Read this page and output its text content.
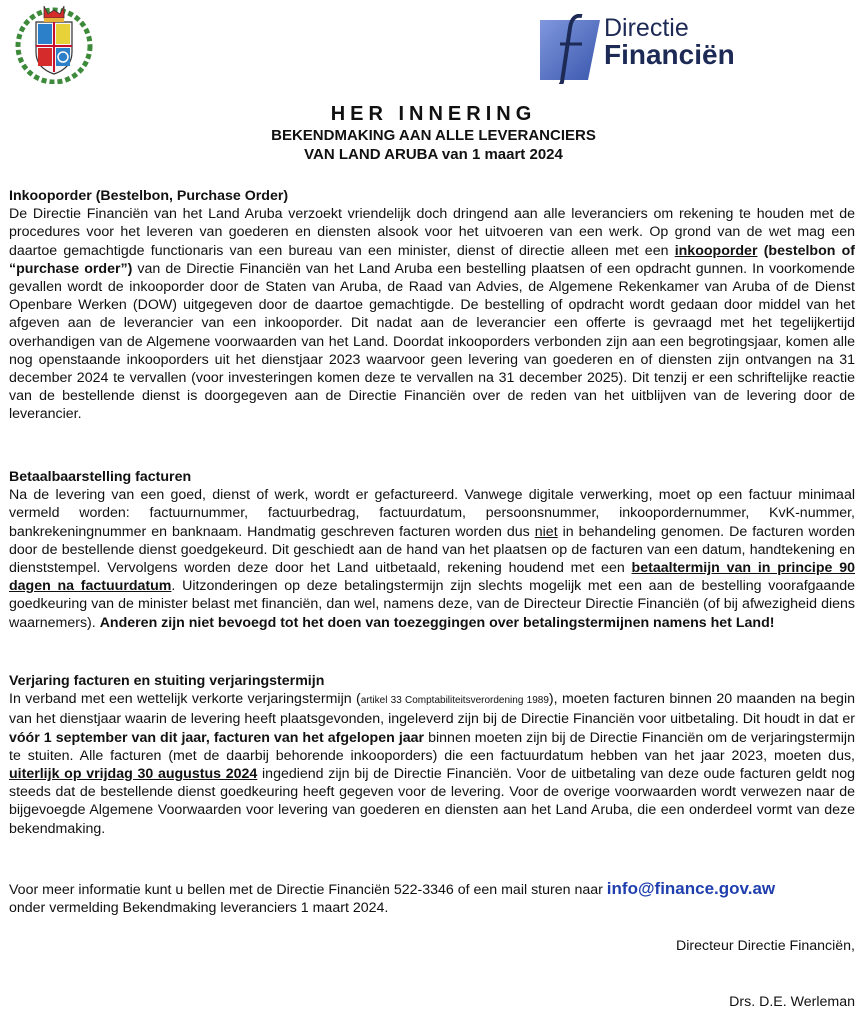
Directie
Financiën
HER INNERING
BEKENDMAKING AAN ALLE LEVERANCIERS
VAN LAND ARUBA van 1 maart 2024

Inkooporder (Bestelbon, Purchase Order)

De Directie Financiën van het Land Aruba verzoekt vriendelijk doch dringend aan alle leveranciers om rekening te houden met de procedures voor het leveren van goederen en diensten alsook voor het uitvoeren van een werk. Op grond van de wet mag een daartoe gemachtigde functionaris van een bureau van een minister, dienst of directie alleen met een inkooporder (bestelbon of “purchase order”) van de Directie Financiën van het Land Aruba een bestelling plaatsen of een opdracht gunnen. In voorkomende gevallen wordt de inkooporder door de Staten van Aruba, de Raad van Advies, de Algemene Rekenkamer van Aruba of de Dienst Openbare Werken (DOW) uitgegeven door de daartoe gemachtigde. De bestelling of opdracht wordt gedaan door middel van het afgeven aan de leverancier van een inkooporder. Dit nadat aan de leverancier een offerte is gevraagd met het tegelijkertijd overhandigen van de Algemene voorwaarden van het Land. Doordat inkooporders verbonden zijn aan een begrotingsjaar, komen alle nog openstaande inkooporders uit het dienstjaar 2023 waarvoor geen levering van goederen en of diensten zijn ontvangen na 31 december 2024 te vervallen (voor investeringen komen deze te vervallen na 31 december 2025). Dit tenzij er een schriftelijke reactie van de bestellende dienst is doorgegeven aan de Directie Financiën over de reden van het uitblijven van de levering door de leverancier.

Betaalbaarstelling facturen

Na de levering van een goed, dienst of werk, wordt er gefactureerd. Vanwege digitale verwerking, moet op een factuur minimaal vermeld worden: factuurnummer, factuurbedrag, factuurdatum, persoonsnummer, inkoopordernummer, KvK-nummer, bankrekeningnummer en banknaam. Handmatig geschreven facturen worden dus niet in behandeling genomen. De facturen worden door de bestellende dienst goedgekeurd. Dit geschiedt aan de hand van het plaatsen op de facturen van een datum, handtekening en dienststempel. Vervolgens worden deze door het Land uitbetaald, rekening houdend met een betaaltermijn van in principe 90 dagen na factuurdatum. Uitzonderingen op deze betalingstermijn zijn slechts mogelijk met een aan de bestelling voorafgaande goedkeuring van de minister belast met financiën, dan wel, namens deze, van de Directeur Directie Financiën (of bij afwezigheid diens waarnemers). Anderen zijn niet bevoegd tot het doen van toezeggingen over betalingstermijnen namens het Land!

Verjaring facturen en stuiting verjaringstermijn

In verband met een wettelijk verkorte verjaringstermijn (artikel 33 Comptabiliteitsverordening 1989), moeten facturen binnen 20 maanden na begin van het dienstjaar waarin de levering heeft plaatsgevonden, ingeleverd zijn bij de Directie Financiën voor uitbetaling. Dit houdt in dat er vóór 1 september van dit jaar, facturen van het afgelopen jaar binnen moeten zijn bij de Directie Financiën om de verjaringstermijn te stuiten. Alle facturen (met de daarbij behorende inkooporders) die een factuurdatum hebben van het jaar 2023, moeten dus, uiterlijk op vrijdag 30 augustus 2024 ingediend zijn bij de Directie Financiën. Voor de uitbetaling van deze oude facturen geldt nog steeds dat de bestellende dienst goedkeuring heeft gegeven voor de levering. Voor de overige voorwaarden wordt verwezen naar de bijgevoegde Algemene Voorwaarden voor levering van goederen en diensten aan het Land Aruba, die een onderdeel vormt van deze bekendmaking.

Voor meer informatie kunt u bellen met de Directie Financiën 522-3346 of een mail sturen naar info@finance.gov.aw
onder vermelding Bekendmaking leveranciers 1 maart 2024.

Directeur Directie Financiën,
Drs. D.E. Werleman
